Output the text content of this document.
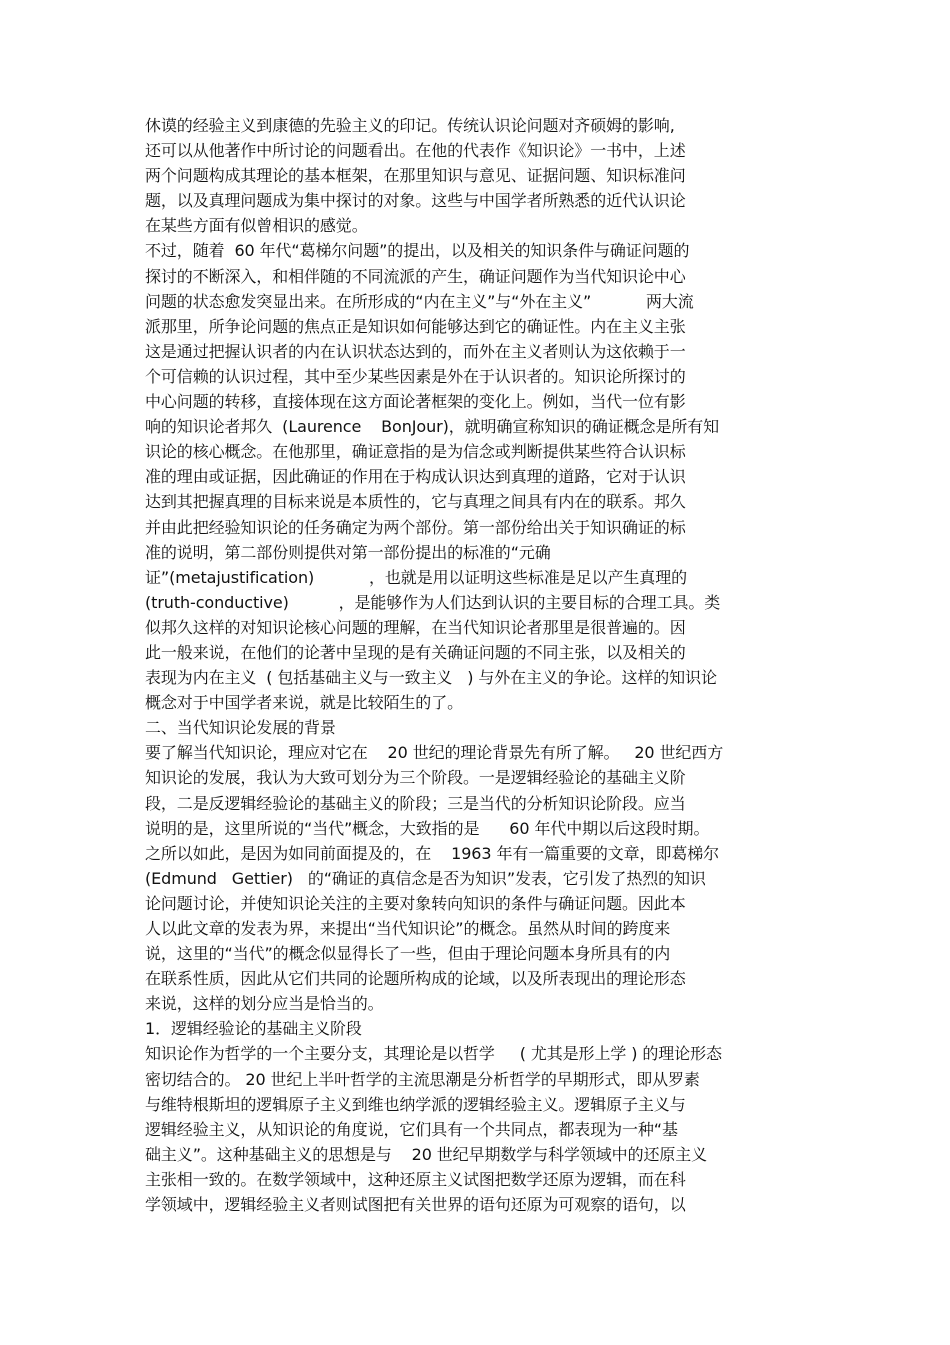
休谟的经验主义到康德的先验主义的印记。传统认识论问题对齐硕姆的影响,
还可以从他著作中所讨论的问题看出。在他的代表作《知识论》一书中，上述
两个问题构成其理论的基本框架，在那里知识与意见、证据问题、知识标准问
题，以及真理问题成为集中探讨的对象。这些与中国学者所熟悉的近代认识论
在某些方面有似曾相识的感觉。
不过，随着  60 年代“葛梯尔问题”的提出，以及相关的知识条件与确证问题的
探讨的不断深入，和相伴随的不同流派的产生，确证问题作为当代知识论中心
问题的状态愈发突显出来。在所形成的“内在主义”与“外在主义”           两大流
派那里，所争论问题的焦点正是知识如何能够达到它的确证性。内在主义主张
这是通过把握认识者的内在认识状态达到的，而外在主义者则认为这依赖于一
个可信赖的认识过程，其中至少某些因素是外在于认识者的。知识论所探讨的
中心问题的转移，直接体现在这方面论著框架的变化上。例如，当代一位有影
响的知识论者邦久  (Laurence    BonJour)，就明确宣称知识的确证概念是所有知
识论的核心概念。在他那里，确证意指的是为信念或判断提供某些符合认识标
准的理由或证据，因此确证的作用在于构成认识达到真理的道路，它对于认识
达到其把握真理的目标来说是本质性的，它与真理之间具有内在的联系。邦久
并由此把经验知识论的任务确定为两个部份。第一部份给出关于知识确证的标
准的说明，第二部份则提供对第一部份提出的标准的“元确
证”(metajustification)           ，也就是用以证明这些标准是足以产生真理的
(truth-conductive)          ，是能够作为人们达到认识的主要目标的合理工具。类
似邦久这样的对知识论核心问题的理解，在当代知识论者那里是很普遍的。因
此一般来说，在他们的论著中呈现的是有关确证问题的不同主张，以及相关的
表现为内在主义  ( 包括基础主义与一致主义   ) 与外在主义的争论。这样的知识论
概念对于中国学者来说，就是比较陌生的了。
二、当代知识论发展的背景
要了解当代知识论，理应对它在    20 世纪的理论背景先有所了解。   20 世纪西方
知识论的发展，我认为大致可划分为三个阶段。一是逻辑经验论的基础主义阶
段，二是反逻辑经验论的基础主义的阶段；三是当代的分析知识论阶段。应当
说明的是，这里所说的“当代”概念，大致指的是      60 年代中期以后这段时期。
之所以如此，是因为如同前面提及的，在    1963 年有一篇重要的文章，即葛梯尔
(Edmund   Gettier)   的“确证的真信念是否为知识”发表，它引发了热烈的知识
论问题讨论，并使知识论关注的主要对象转向知识的条件与确证问题。因此本
人以此文章的发表为界，来提出“当代知识论”的概念。虽然从时间的跨度来
说，这里的“当代”的概念似显得长了一些，但由于理论问题本身所具有的内
在联系性质，因此从它们共同的论题所构成的论域，以及所表现出的理论形态
来说，这样的划分应当是恰当的。
1．逻辑经验论的基础主义阶段
知识论作为哲学的一个主要分支，其理论是以哲学     ( 尤其是形上学 ) 的理论形态
密切结合的。 20 世纪上半叶哲学的主流思潮是分析哲学的早期形式，即从罗素
与维特根斯坦的逻辑原子主义到维也纳学派的逻辑经验主义。逻辑原子主义与
逻辑经验主义，从知识论的角度说，它们具有一个共同点，都表现为一种“基
础主义”。这种基础主义的思想是与    20 世纪早期数学与科学领域中的还原主义
主张相一致的。在数学领域中，这种还原主义试图把数学还原为逻辑，而在科
学领域中，逻辑经验主义者则试图把有关世界的语句还原为可观察的语句，以
